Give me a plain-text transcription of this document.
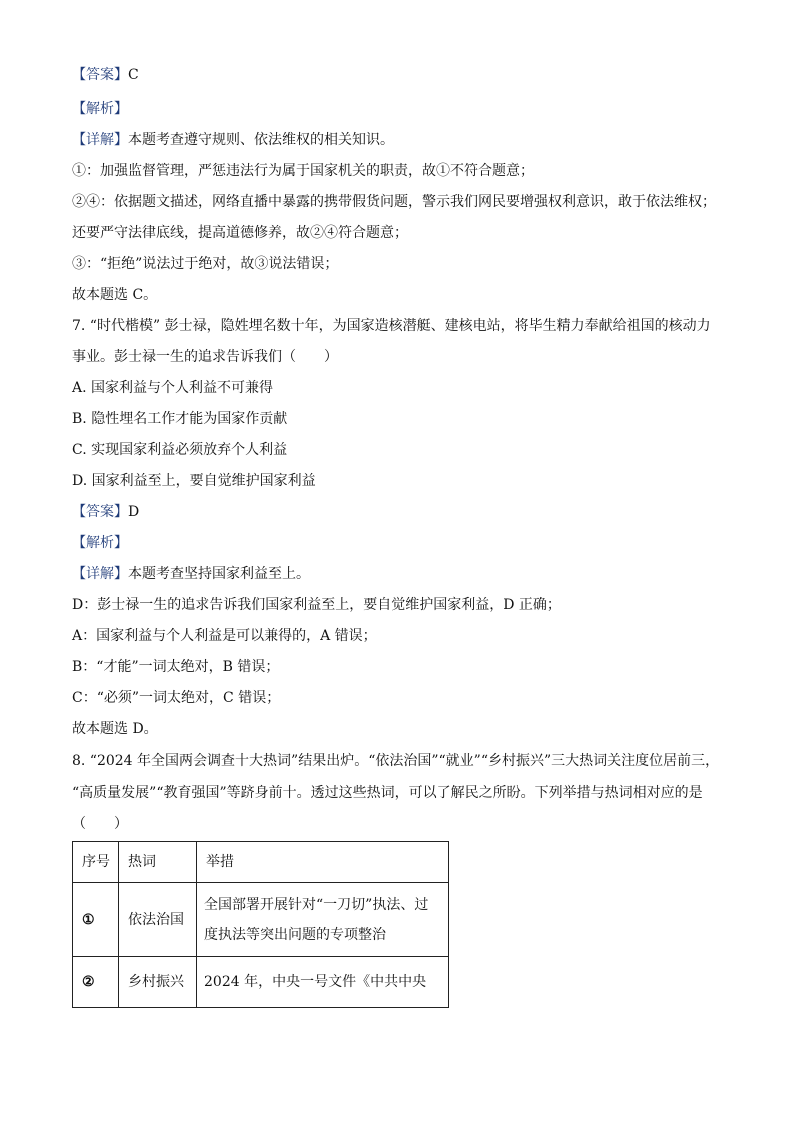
【答案】C
【解析】
【详解】本题考查遵守规则、依法维权的相关知识。
①：加强监督管理，严惩违法行为属于国家机关的职责，故①不符合题意；
②④：依据题文描述，网络直播中暴露的携带假货问题，警示我们网民要增强权利意识，敢于依法维权；
还要严守法律底线，提高道德修养，故②④符合题意；
③：“拒绝”说法过于绝对，故③说法错误；
故本题选 C。
7. “时代楷模” 彭士禄，隐姓埋名数十年，为国家造核潜艇、建核电站，将毕生精力奉献给祖国的核动力
事业。彭士禄一生的追求告诉我们（　　）
A. 国家利益与个人利益不可兼得
B. 隐性埋名工作才能为国家作贡献
C. 实现国家利益必须放弃个人利益
D. 国家利益至上，要自觉维护国家利益
【答案】D
【解析】
【详解】本题考查坚持国家利益至上。
D：彭士禄一生的追求告诉我们国家利益至上，要自觉维护国家利益，D 正确；
A：国家利益与个人利益是可以兼得的，A 错误；
B：“才能”一词太绝对，B 错误；
C：“必须”一词太绝对，C 错误；
故本题选 D。
8. “2024 年全国两会调查十大热词”结果出炉。“依法治国”“就业”“乡村振兴”三大热词关注度位居前三，
“高质量发展”“教育强国”等跻身前十。透过这些热词，可以了解民之所盼。下列举措与热词相对应的是
（　　）
序号	热词	举措
①	依法治国	全国部署开展针对“一刀切”执法、过
度执法等突出问题的专项整治

②	乡村振兴	2024 年，中央一号文件《中共中央
